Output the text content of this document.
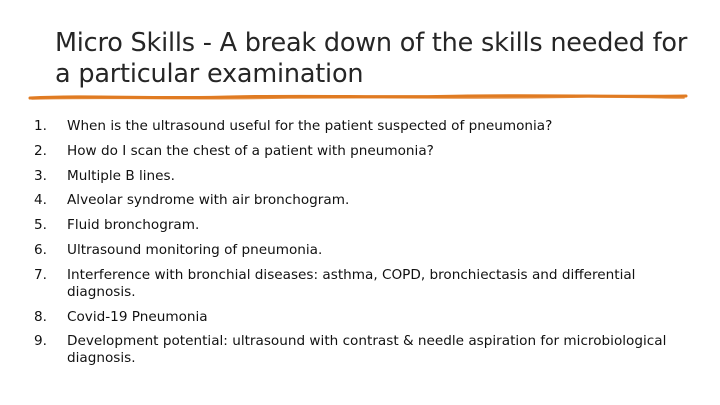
Micro Skills - A break down of the skills needed for a particular examination
1.	When is the ultrasound useful for the patient suspected of pneumonia?
2.	How do I scan the chest of a patient with pneumonia?
3.	Multiple B lines.
4.	Alveolar syndrome with air bronchogram.
5.	Fluid bronchogram.
6.	Ultrasound monitoring of pneumonia.
7.	Interference with bronchial diseases: asthma, COPD, bronchiectasis and differential diagnosis.
8.	Covid-19 Pneumonia
9.	Development potential: ultrasound with contrast & needle aspiration for microbiological diagnosis.
